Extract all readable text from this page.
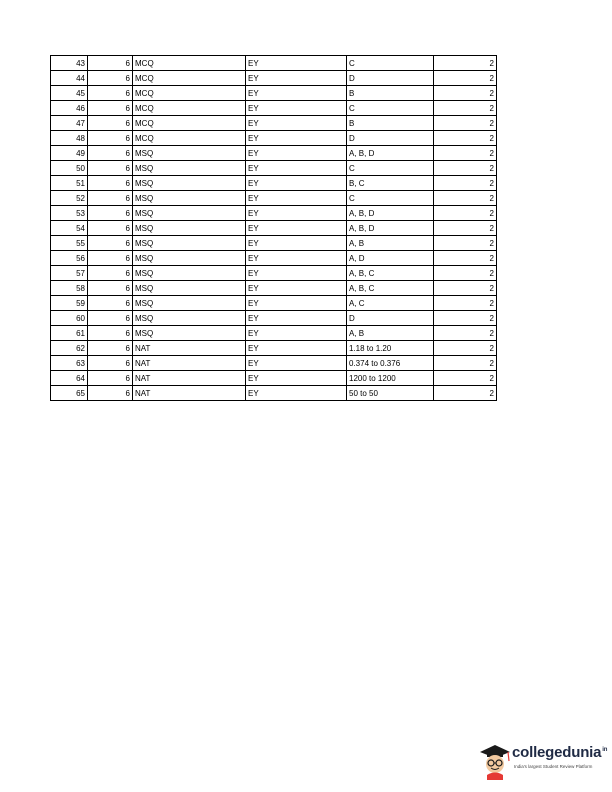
43	6	MCQ	EY	C	2
44	6	MCQ	EY	D	2
45	6	MCQ	EY	B	2
46	6	MCQ	EY	C	2
47	6	MCQ	EY	B	2
48	6	MCQ	EY	D	2
49	6	MSQ	EY	A, B, D	2
50	6	MSQ	EY	C	2
51	6	MSQ	EY	B, C	2
52	6	MSQ	EY	C	2
53	6	MSQ	EY	A, B, D	2
54	6	MSQ	EY	A, B, D	2
55	6	MSQ	EY	A, B	2
56	6	MSQ	EY	A, D	2
57	6	MSQ	EY	A, B, C	2
58	6	MSQ	EY	A, B, C	2
59	6	MSQ	EY	A, C	2
60	6	MSQ	EY	D	2
61	6	MSQ	EY	A, B	2
62	6	NAT	EY	1.18 to 1.20	2
63	6	NAT	EY	0.374 to 0.376	2
64	6	NAT	EY	1200 to 1200	2
65	6	NAT	EY	50 to 50	2
collegedunia$^{in}$
India's largest Student Review Platform
